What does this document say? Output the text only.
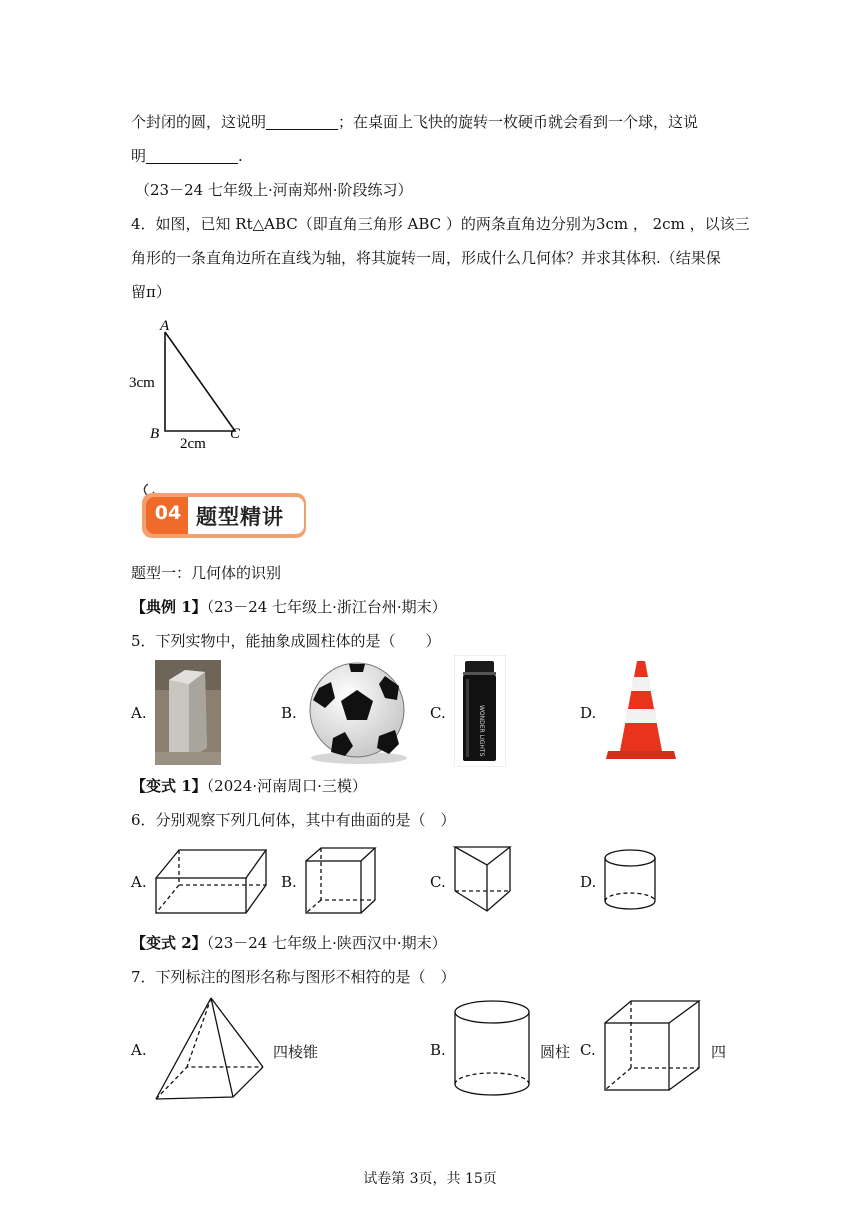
个封闭的圆，这说明	；在桌面上飞快的旋转一枚硬币就会看到一个球，这说
明	.
（23－24 七年级上·河南郑州·阶段练习）
4．如图，已知 Rt△ABC（即直角三角形 ABC ）的两条直角边分别为3cm ， 2cm ，以该三
角形的一条直角边所在直线为轴，将其旋转一周，形成什么几何体？并求其体积.（结果保
留π）
A
B	C
3cm
2cm
04 题型精讲
题型一：几何体的识别
【典例 1】（23－24 七年级上·浙江台州·期末）
5．下列实物中，能抽象成圆柱体的是（　　）
A.	B.	C.	WONDER LIGHTS	D.
【变式 1】（2024·河南周口·三模）
6．分别观察下列几何体，其中有曲面的是（　）
A.	B.	C.	D.
【变式 2】（23－24 七年级上·陕西汉中·期末）
7．下列标注的图形名称与图形不相符的是（　）
A.	四棱锥	B.	圆柱 C.	四
试卷第 3页，共 15页
